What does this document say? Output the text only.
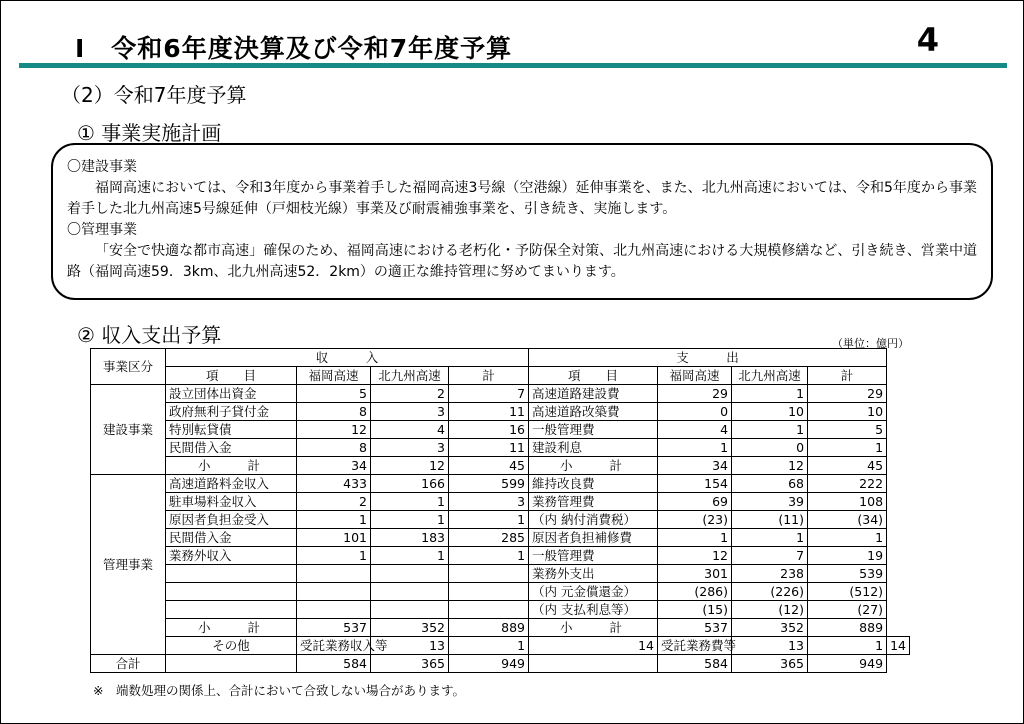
Ⅰ　令和6年度決算及び令和7年度予算	4
（2）令和7年度予算
① 事業実施計画
〇建設事業
福岡高速においては、令和3年度から事業着手した福岡高速3号線（空港線）延伸事業を、また、北九州高速においては、令和5年度から事業着手した北九州高速5号線延伸（戸畑枝光線）事業及び耐震補強事業を、引き続き、実施します。
〇管理事業
「安全で快適な都市高速」確保のため、福岡高速における老朽化・予防保全対策、北九州高速における大規模修繕など、引き続き、営業中道路（福岡高速59．3km、北九州高速52．2km）の適正な維持管理に努めてまいります。
② 収入支出予算	（単位：億円）
事業区分	収　　　入				支　　　出				
	項　　目	福岡高速	北九州高速	計	項　　目	福岡高速	北九州高速	計	
建設事業	設立団体出資金	5	2	7	高速道路建設費	29	1	29	
	政府無利子貸付金	8	3	11	高速道路改築費	0	10	10	
	特別転貸債	12	4	16	一般管理費	4	1	5	
	民間借入金	8	3	11	建設利息	1	0	1	
	小　　計	34	12	45	小　　計	34	12	45	
管理事業	高速道路料金収入	433	166	599	維持改良費	154	68	222	
	駐車場料金収入	2	1	3	業務管理費	69	39	108	
	原因者負担金受入	1	1	1	（内 納付消費税）	(23)	(11)	(34)	
	民間借入金	101	183	285	原因者負担補修費	1	1	1	
	業務外収入	1	1	1	一般管理費	12	7	19	
					業務外支出	301	238	539	
					（内 元金償還金）	(286)	(226)	(512)	
					（内 支払利息等）	(15)	(12)	(27)	
	小　　計	537	352	889	小　　計	537	352	889	
	その他	受託業務収入等	13	1	14	受託業務費等	13	1	14
合計		584	365	949		584	365	949	
※　端数処理の関係上、合計において合致しない場合があります。
